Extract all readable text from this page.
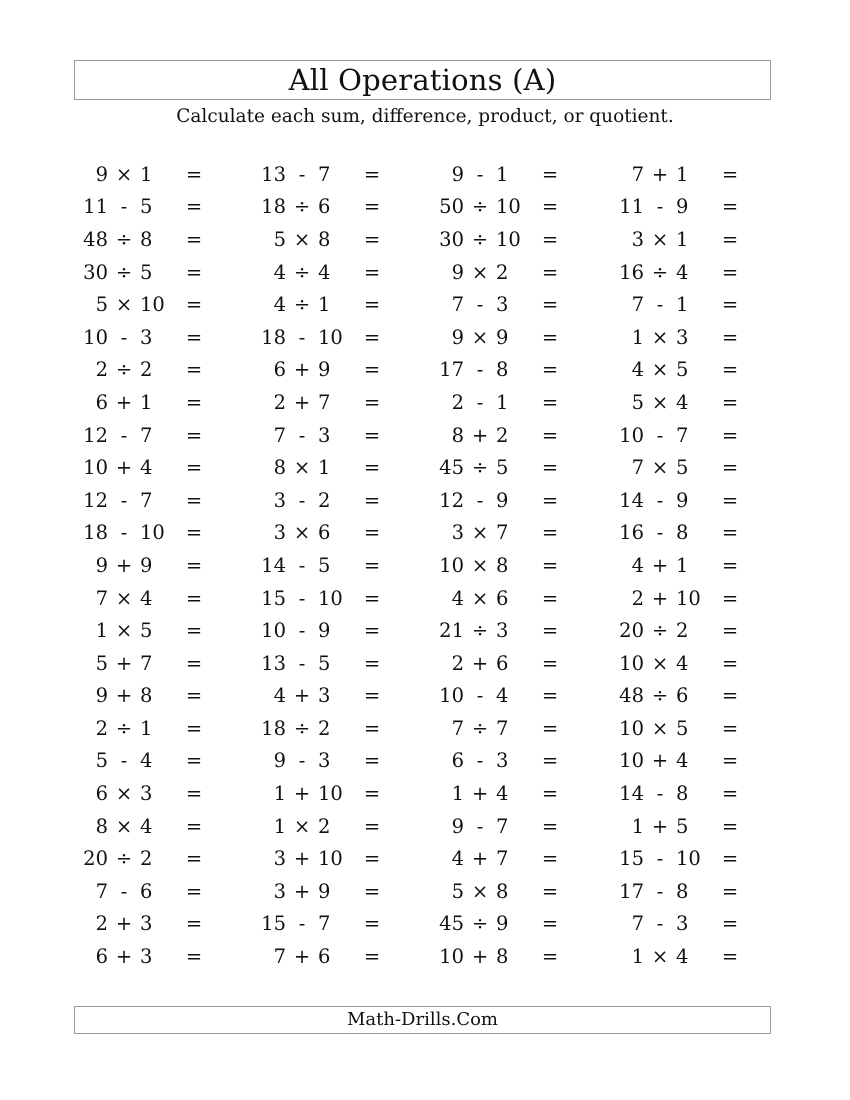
All Operations (A)
Calculate each sum, difference, product, or quotient.
9 × 1	=	13 - 7	=	9 - 1	=	7 + 1	=
11 - 5	=	18 ÷ 6	=	50 ÷ 10 =	11 - 9	=
48 ÷ 8	=	5 × 8	=	30 ÷ 10 =	3 × 1	=
30 ÷ 5	=	4 ÷ 4	=	9 × 2	=	16 ÷ 4	=
5 × 10 =	4 ÷ 1	=	7 - 3	=	7 - 1	=
10 - 3	=	18 - 10 =	9 × 9	=	1 × 3	=
2 ÷ 2	=	6 + 9	=	17 - 8	=	4 × 5	=
6 + 1	=	2 + 7	=	2 - 1	=	5 × 4	=
12 - 7	=	7 - 3	=	8 + 2	=	10 - 7	=
10 + 4	=	8 × 1	=	45 ÷ 5	=	7 × 5	=
12 - 7	=	3 - 2	=	12 - 9	=	14 - 9	=
18 - 10 =	3 × 6	=	3 × 7	=	16 - 8	=
9 + 9	=	14 - 5	=	10 × 8	=	4 + 1	=
7 × 4	=	15 - 10 =	4 × 6	=	2 + 10 =
1 × 5	=	10 - 9	=	21 ÷ 3	=	20 ÷ 2	=
5 + 7	=	13 - 5	=	2 + 6	=	10 × 4	=
9 + 8	=	4 + 3	=	10 - 4	=	48 ÷ 6	=
2 ÷ 1	=	18 ÷ 2	=	7 ÷ 7	=	10 × 5	=
5 - 4	=	9 - 3	=	6 - 3	=	10 + 4	=
6 × 3	=	1 + 10 =	1 + 4	=	14 - 8	=
8 × 4	=	1 × 2	=	9 - 7	=	1 + 5	=
20 ÷ 2	=	3 + 10 =	4 + 7	=	15 - 10 =
7 - 6	=	3 + 9	=	5 × 8	=	17 - 8	=
2 + 3	=	15 - 7	=	45 ÷ 9	=	7 - 3	=
6 + 3	=	7 + 6	=	10 + 8	=	1 × 4	=
Math-Drills.Com
